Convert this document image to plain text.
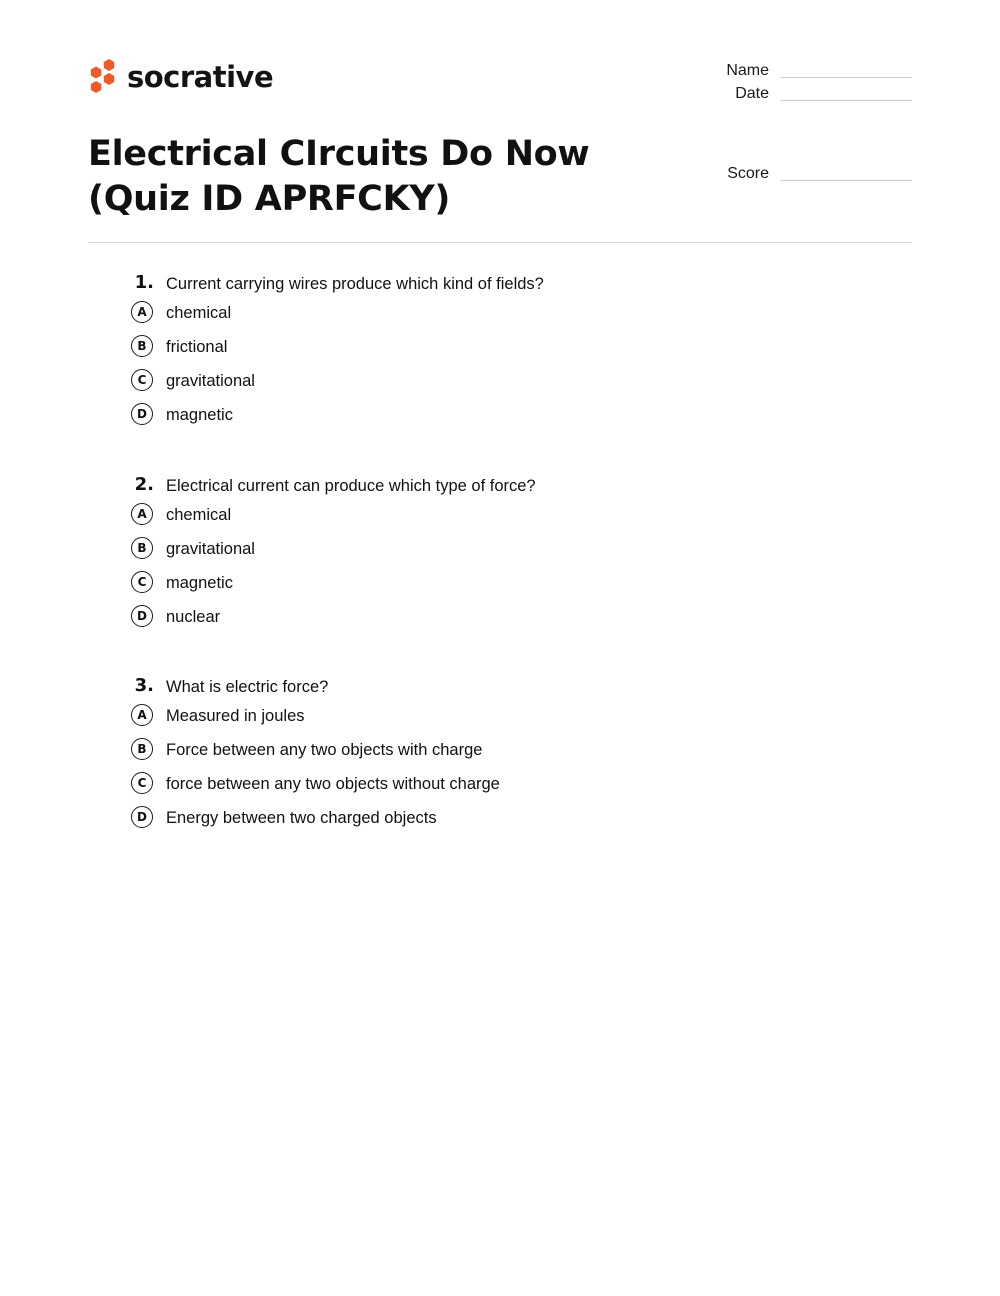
socrative
Electrical CIrcuits Do Now (Quiz ID APRFCKY)
Name
Date
Score
1. Current carrying wires produce which kind of fields?
A	chemical
B	frictional
C	gravitational
D	magnetic
2. Electrical current can produce which type of force?
A	chemical
B	gravitational
C	magnetic
D	nuclear
3. What is electric force?
A	Measured in joules
B	Force between any two objects with charge
C	force between any two objects without charge
D	Energy between two charged objects
